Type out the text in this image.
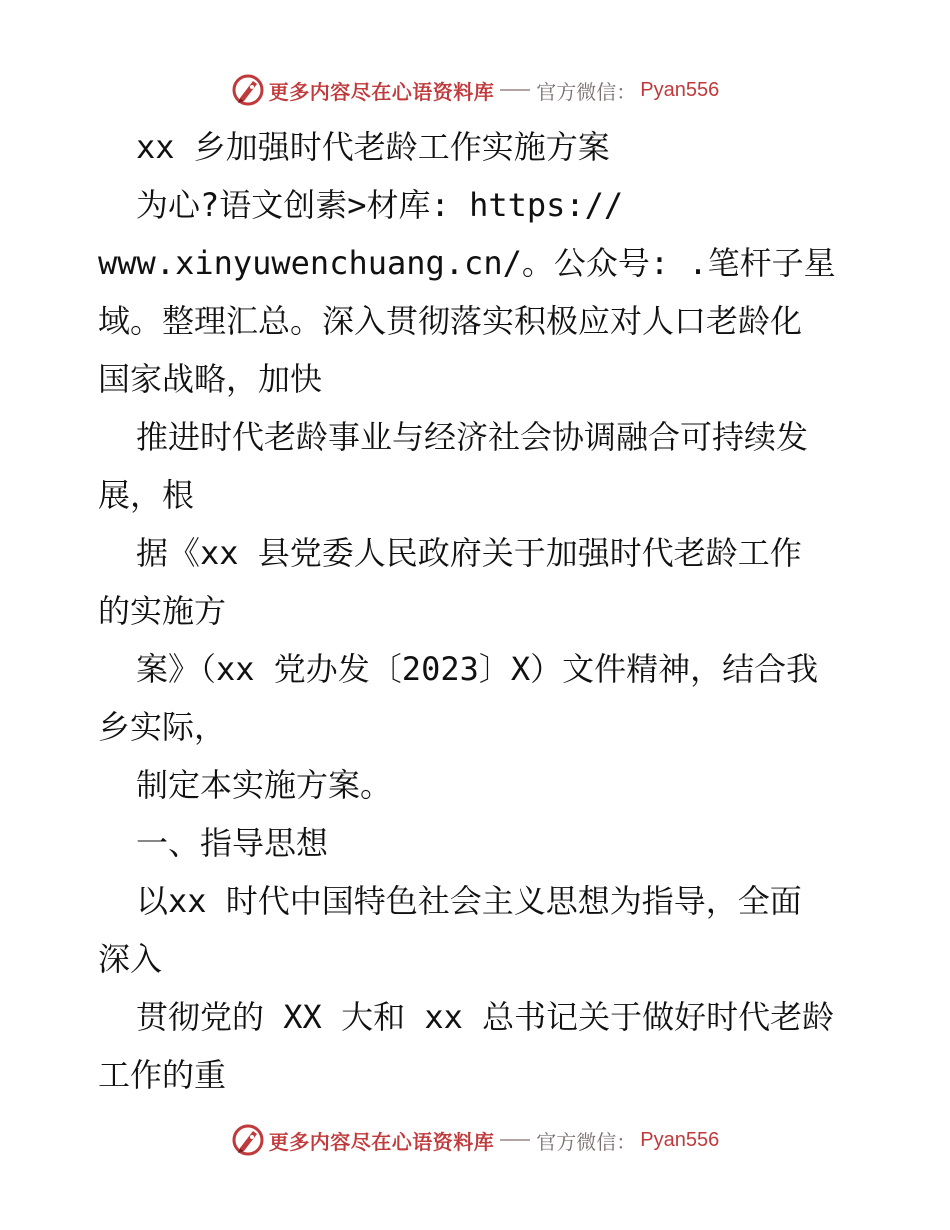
更多内容尽在心语资料库 官方微信： Pyan556
xx 乡加强时代老龄工作实施方案
为心?语文创素>材库: https://
www.xinyuwenchuang.cn/。公众号: .笔杆子星
域。整理汇总。深入贯彻落实积极应对人口老龄化
国家战略，加快
推进时代老龄事业与经济社会协调融合可持续发
展，根
据《xx 县党委人民政府关于加强时代老龄工作
的实施方
案》（xx 党办发〔2023〕X）文件精神，结合我
乡实际，
制定本实施方案。
一、指导思想
以xx 时代中国特色社会主义思想为指导，全面
深入
贯彻党的 XX 大和 xx 总书记关于做好时代老龄
工作的重
更多内容尽在心语资料库 官方微信： Pyan556
